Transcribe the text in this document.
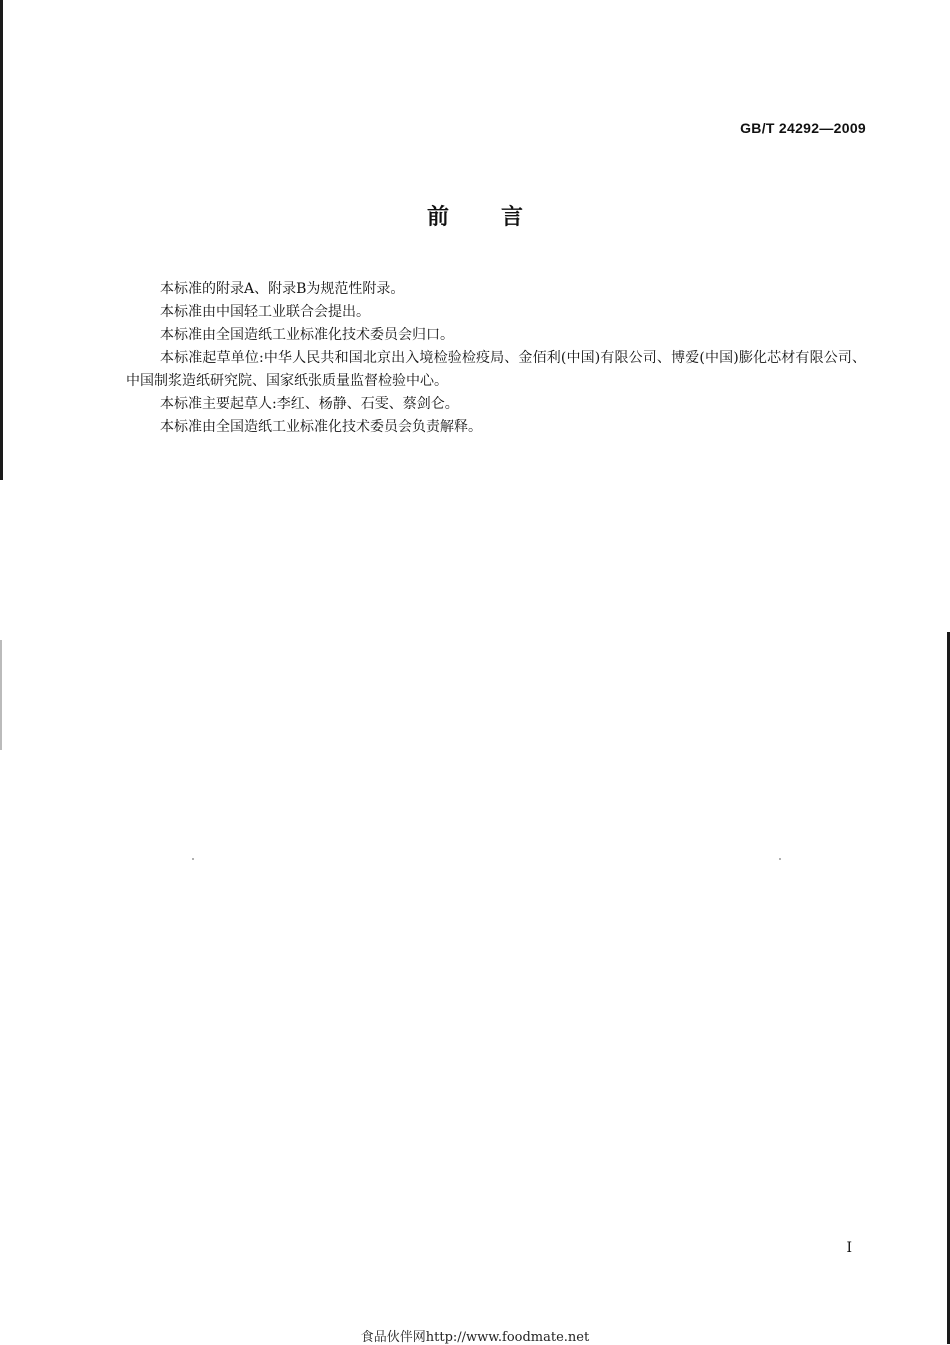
GB/T 24292—2009
前言

本标准的附录A、附录B为规范性附录。

本标准由中国轻工业联合会提出。

本标准由全国造纸工业标准化技术委员会归口。

本标准起草单位:中华人民共和国北京出入境检验检疫局、金佰利(中国)有限公司、博爱(中国)膨化芯材有限公司、中国制浆造纸研究院、国家纸张质量监督检验中心。

本标准主要起草人:李红、杨静、石雯、蔡剑仑。

本标准由全国造纸工业标准化技术委员会负责解释。

I
食品伙伴网http://www.foodmate.net
